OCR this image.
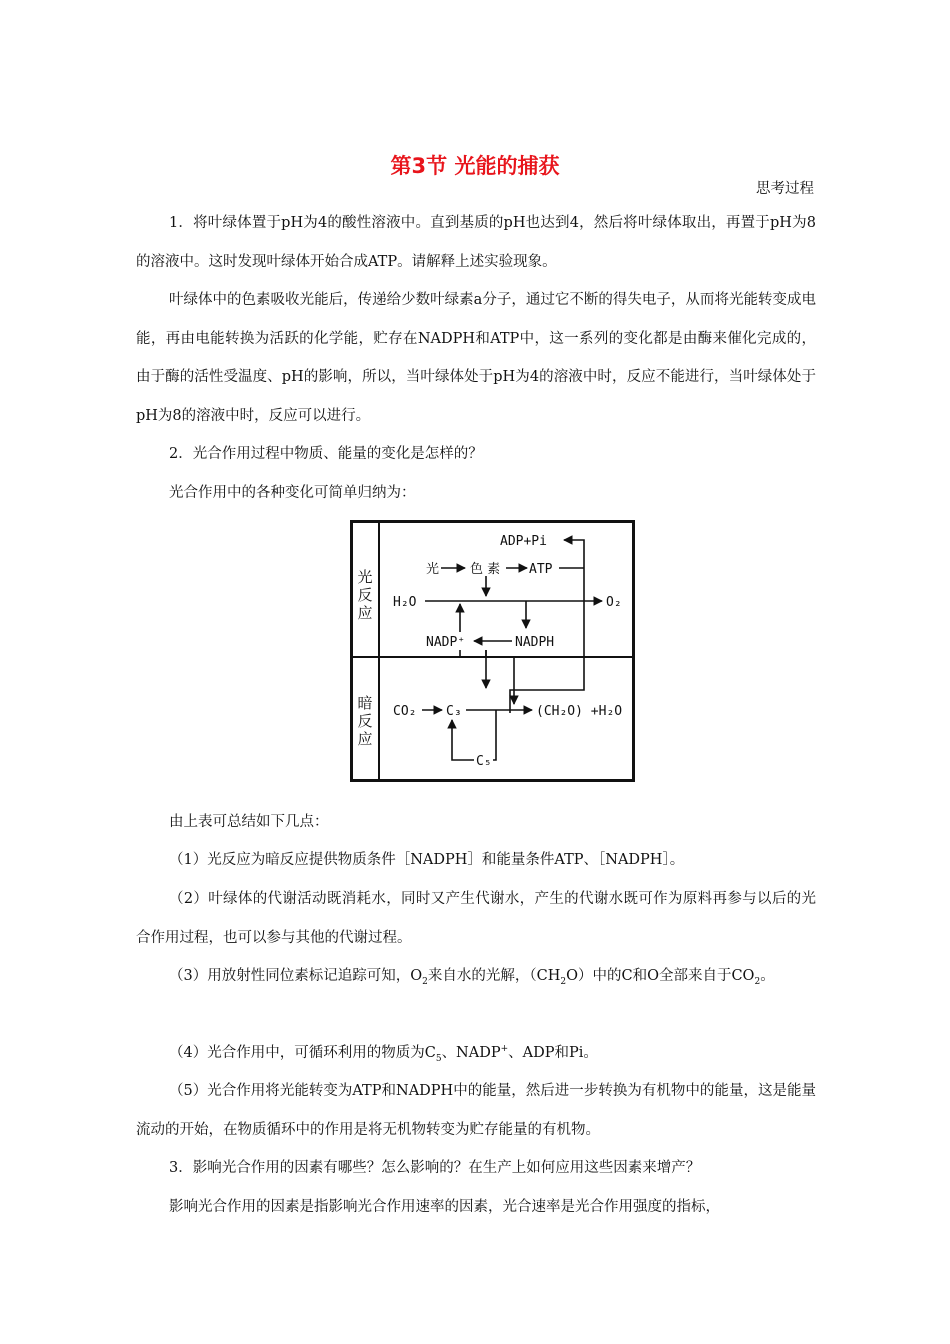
第3节 光能的捕获
思考过程
1．将叶绿体置于pH为4的酸性溶液中。直到基质的pH也达到4，然后将叶绿体取出，再置于pH为8的溶液中。这时发现叶绿体开始合成ATP。请解释上述实验现象。
叶绿体中的色素吸收光能后，传递给少数叶绿素a分子，通过它不断的得失电子，从而将光能转变成电能，再由电能转换为活跃的化学能，贮存在NADPH和ATP中，这一系列的变化都是由酶来催化完成的，由于酶的活性受温度、pH的影响，所以，当叶绿体处于pH为4的溶液中时，反应不能进行，当叶绿体处于pH为8的溶液中时，反应可以进行。
2．光合作用过程中物质、能量的变化是怎样的？
光合作用中的各种变化可简单归纳为：
光
反
应
暗
反
应
ADP+Pi
光 色 素 ATP
H₂O	O₂
NADP⁺	NADPH
CO₂ C₃	(CH₂O) +H₂O
C₅
由上表可总结如下几点：
（1）光反应为暗反应提供物质条件［NADPH］和能量条件ATP、［NADPH］。
（2）叶绿体的代谢活动既消耗水，同时又产生代谢水，产生的代谢水既可作为原料再参与以后的光合作用过程，也可以参与其他的代谢过程。
（3）用放射性同位素标记追踪可知，$O_2$来自水的光解，$(CH_2O)$中的C和O全部来自于$CO_2$。
（4）光合作用中，可循环利用的物质为$C_5$、NADP+、ADP和Pi。
（5）光合作用将光能转变为ATP和NADPH中的能量，然后进一步转换为有机物中的能量，这是能量流动的开始，在物质循环中的作用是将无机物转变为贮存能量的有机物。
3．影响光合作用的因素有哪些？怎么影响的？在生产上如何应用这些因素来增产？
影响光合作用的因素是指影响光合作用速率的因素，光合速率是光合作用强度的指标，
